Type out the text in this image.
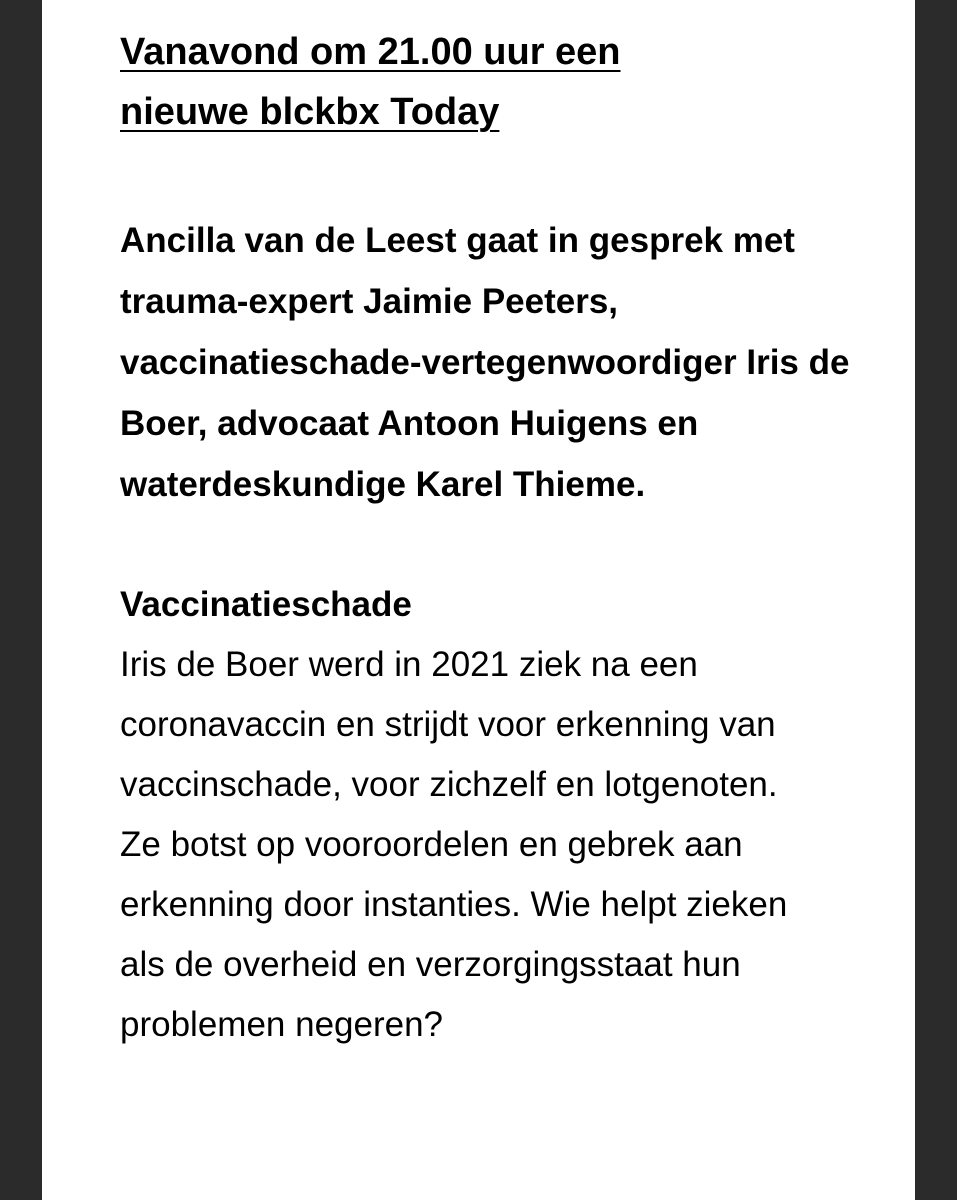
Vanavond om 21.00 uur een nieuwe blckbx Today

Ancilla van de Leest gaat in gesprek met trauma-expert Jaimie Peeters, vaccinatieschade-vertegenwoordiger Iris de Boer, advocaat Antoon Huigens en waterdeskundige Karel Thieme.

Vaccinatieschade

Iris de Boer werd in 2021 ziek na een coronavaccin en strijdt voor erkenning van vaccinschade, voor zichzelf en lotgenoten. Ze botst op vooroordelen en gebrek aan erkenning door instanties. Wie helpt zieken als de overheid en verzorgingsstaat hun problemen negeren?
